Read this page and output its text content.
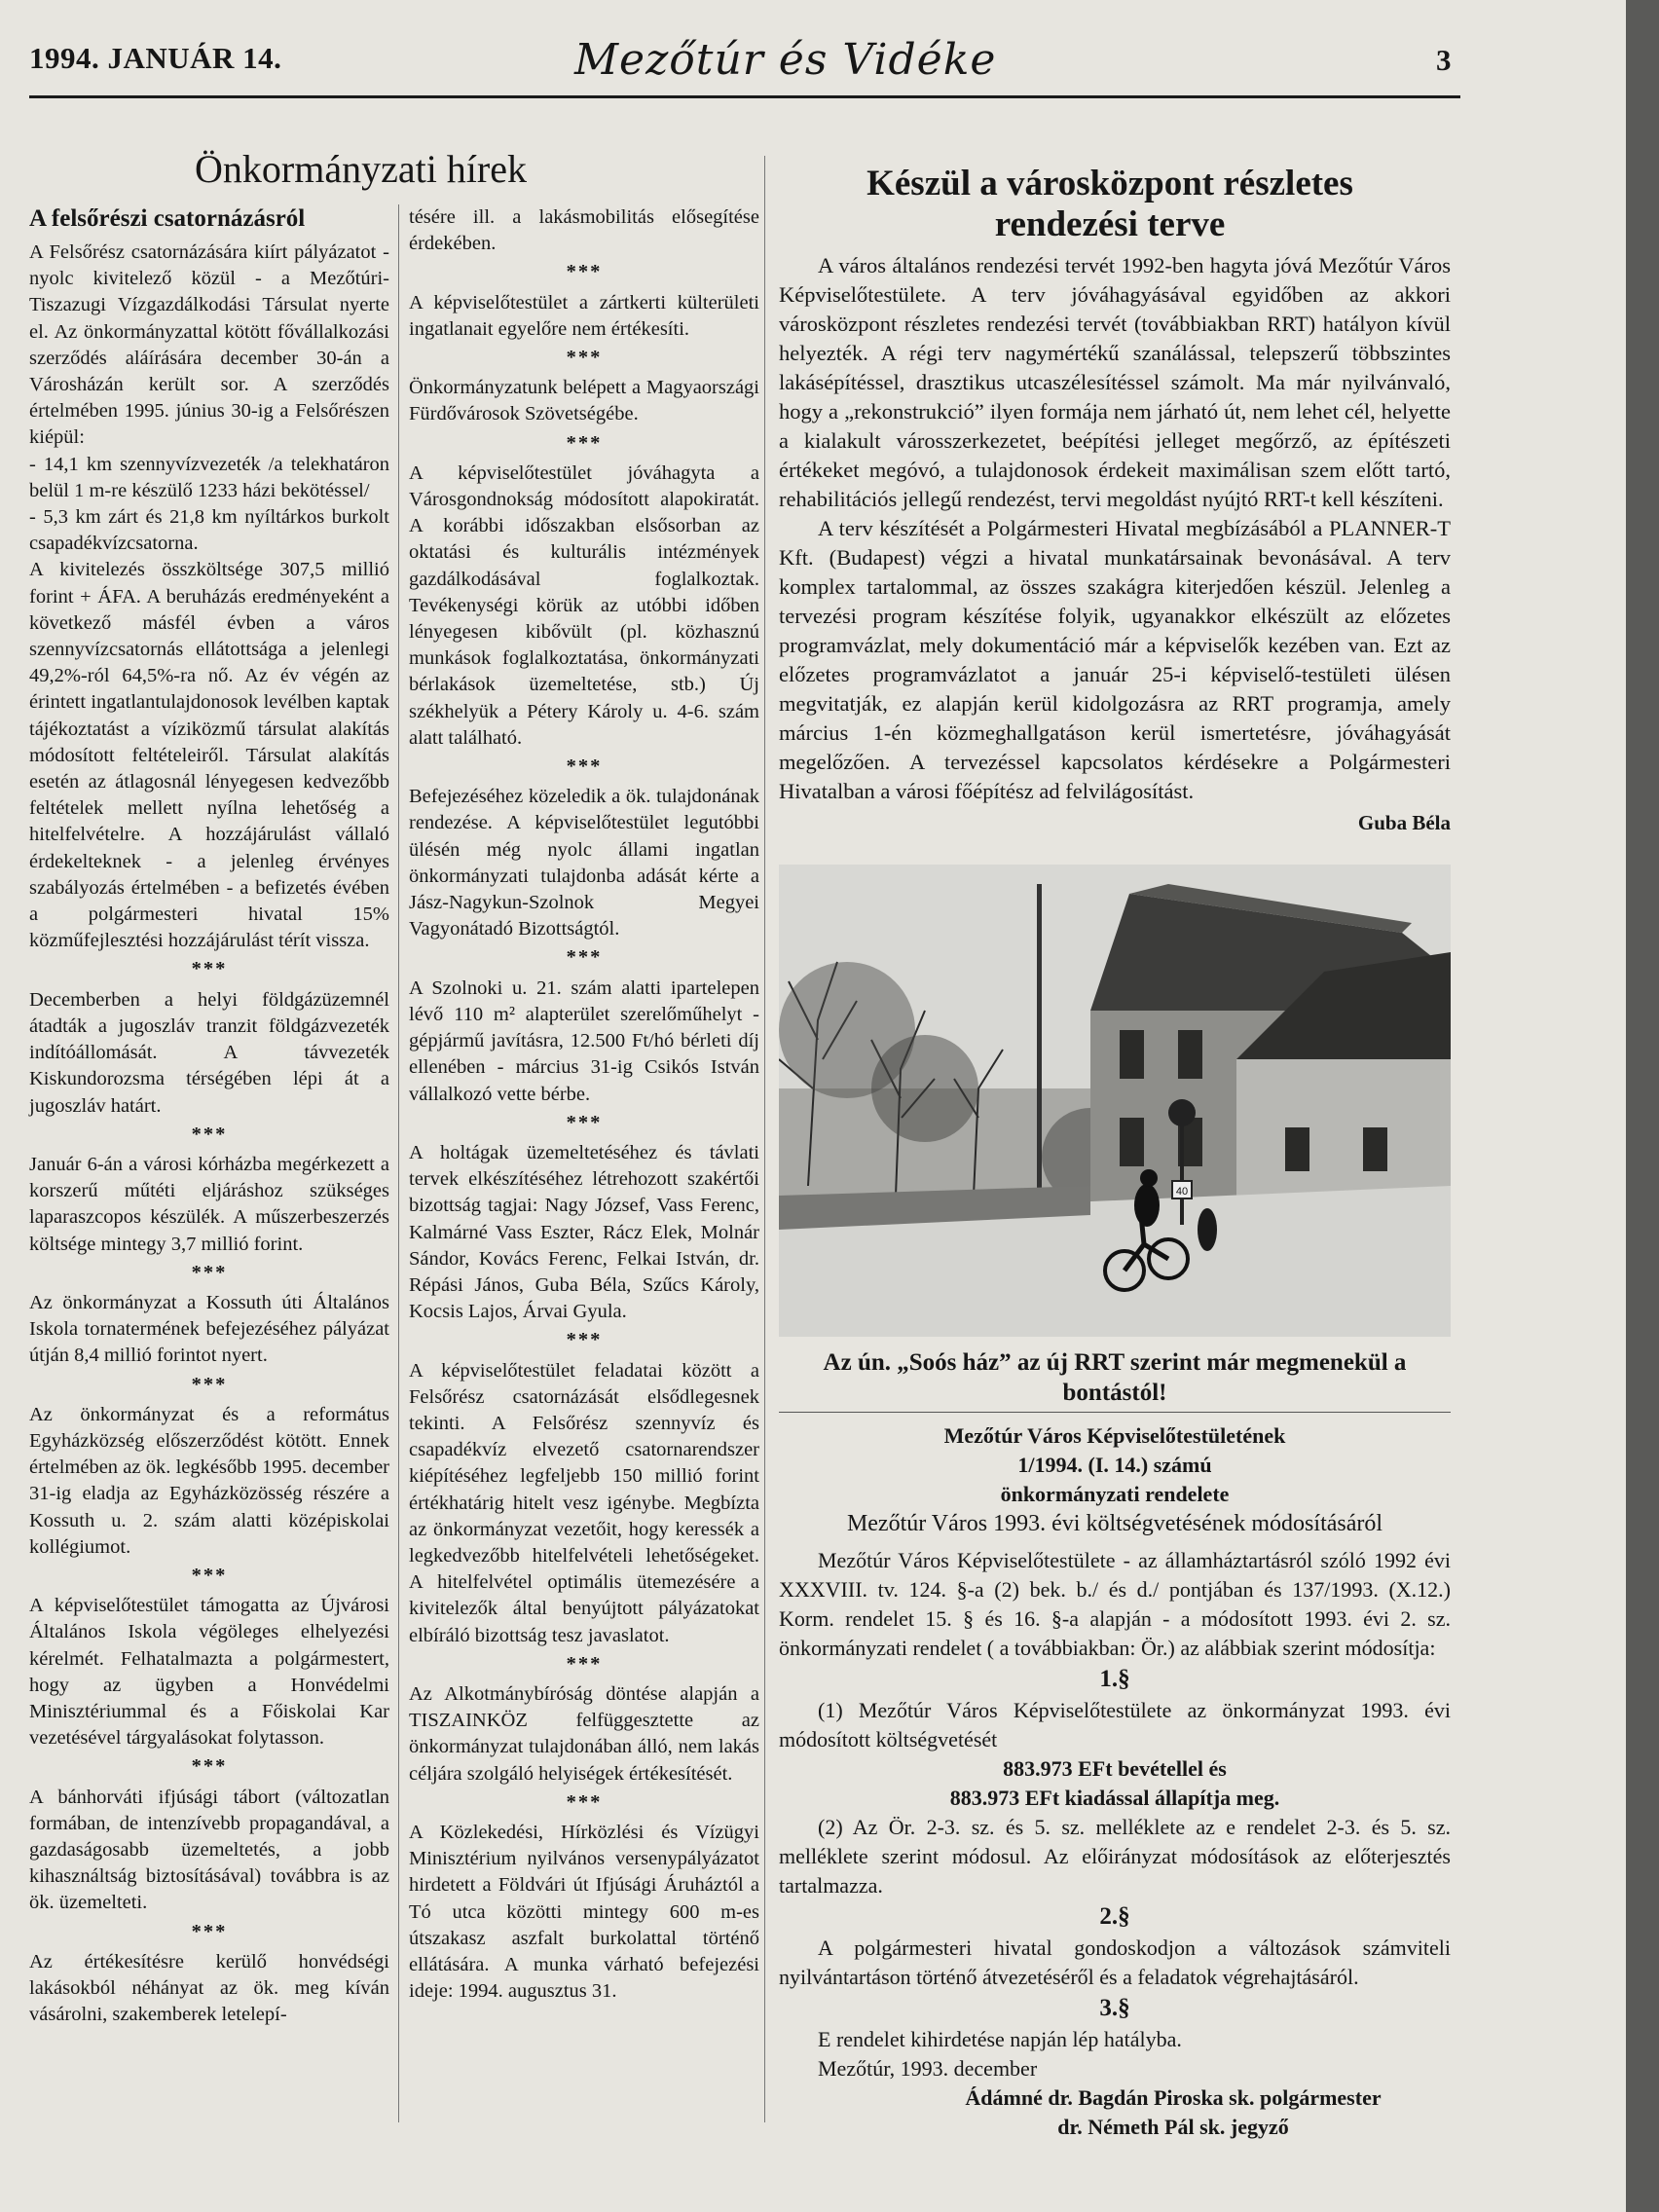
1994. JANUÁR 14.	Mezőtúr és Vidéke	3
Önkormányzati hírek
A felsőrészi csatornázásról

A Felsőrész csatornázására kiírt pályázatot - nyolc kivitelező közül - a Mezőtúri-Tiszazugi Vízgazdálkodási Társulat nyerte el. Az önkormányzattal kötött fővállalkozási szerződés aláírására december 30-án a Városházán került sor. A szerződés értelmében 1995. június 30-ig a Felsőrészen kiépül:

- 14,1 km szennyvízvezeték /a telekhatáron belül 1 m-re készülő 1233 házi bekötéssel/

- 5,3 km zárt és 21,8 km nyíltárkos burkolt csapadékvízcsatorna.

A kivitelezés összköltsége 307,5 millió forint + ÁFA. A beruházás eredményeként a következő másfél évben a város szennyvízcsatornás ellátottsága a jelenlegi 49,2%-ról 64,5%-ra nő. Az év végén az érintett ingatlantulajdonosok levélben kaptak tájékoztatást a víziközmű társulat alakítás módosított feltételeiről. Társulat alakítás esetén az átlagosnál lényegesen kedvezőbb feltételek mellett nyílna lehetőség a hitelfelvételre. A hozzájárulást vállaló érdekelteknek - a jelenleg érvényes szabályozás értelmében - a befizetés évében a polgármesteri hivatal 15% közműfejlesztési hozzájárulást térít vissza.

***

Decemberben a helyi földgázüzemnél átadták a jugoszláv tranzit földgázvezeték indítóállomását. A távvezeték Kiskundorozsma térségében lépi át a jugoszláv határt.

***

Január 6-án a városi kórházba megérkezett a korszerű műtéti eljáráshoz szükséges laparaszcopos készülék. A műszerbeszerzés költsége mintegy 3,7 millió forint.

***

Az önkormányzat a Kossuth úti Általános Iskola tornatermének befejezéséhez pályázat útján 8,4 millió forintot nyert.

***

Az önkormányzat és a református Egyházközség előszerződést kötött. Ennek értelmében az ök. legkésőbb 1995. december 31-ig eladja az Egyházközösség részére a Kossuth u. 2. szám alatti középiskolai kollégiumot.

***

A képviselőtestület támogatta az Újvárosi Általános Iskola végöleges elhelyezési kérelmét. Felhatalmazta a polgármestert, hogy az ügyben a Honvédelmi Minisztériummal és a Főiskolai Kar vezetésével tárgyalásokat folytasson.

***

A bánhorváti ifjúsági tábort (változatlan formában, de intenzívebb propagandával, a gazdaságosabb üzemeltetés, a jobb kihasználtság biztosításával) továbbra is az ök. üzemelteti.

***

Az értékesítésre kerülő honvédségi lakásokból néhányat az ök. meg kíván vásárolni, szakemberek letelepí-

tésére ill. a lakásmobilitás elősegítése érdekében.

***

A képviselőtestület a zártkerti külterületi ingatlanait egyelőre nem értékesíti.

***

Önkormányzatunk belépett a Magyaországi Fürdővárosok Szövetségébe.

***

A képviselőtestület jóváhagyta a Városgondnokság módosított alapokiratát. A korábbi időszakban elsősorban az oktatási és kulturális intézmények gazdálkodásával foglalkoztak. Tevékenységi körük az utóbbi időben lényegesen kibővült (pl. közhasznú munkások foglalkoztatása, önkormányzati bérlakások üzemeltetése, stb.) Új székhelyük a Pétery Károly u. 4-6. szám alatt található.

***

Befejezéséhez közeledik a ök. tulajdonának rendezése. A képviselőtestület legutóbbi ülésén még nyolc állami ingatlan önkormányzati tulajdonba adását kérte a Jász-Nagykun-Szolnok Megyei Vagyonátadó Bizottságtól.

***

A Szolnoki u. 21. szám alatti ipartelepen lévő 110 m² alapterület szerelőműhelyt - gépjármű javításra, 12.500 Ft/hó bérleti díj ellenében - március 31-ig Csikós István vállalkozó vette bérbe.

***

A holtágak üzemeltetéséhez és távlati tervek elkészítéséhez létrehozott szakértői bizottság tagjai: Nagy József, Vass Ferenc, Kalmárné Vass Eszter, Rácz Elek, Molnár Sándor, Kovács Ferenc, Felkai István, dr. Répási János, Guba Béla, Szűcs Károly, Kocsis Lajos, Árvai Gyula.

***

A képviselőtestület feladatai között a Felsőrész csatornázását elsődlegesnek tekinti. A Felsőrész szennyvíz és csapadékvíz elvezető csatornarendszer kiépítéséhez legfeljebb 150 millió forint értékhatárig hitelt vesz igénybe. Megbízta az önkormányzat vezetőit, hogy keressék a legkedvezőbb hitelfelvételi lehetőségeket. A hitelfelvétel optimális ütemezésére a kivitelezők által benyújtott pályázatokat elbíráló bizottság tesz javaslatot.

***

Az Alkotmánybíróság döntése alapján a TISZAINKÖZ felfüggesztette az önkormányzat tulajdonában álló, nem lakás céljára szolgáló helyiségek értékesítését.

***

A Közlekedési, Hírközlési és Vízügyi Minisztérium nyilvános versenypályázatot hirdetett a Földvári út Ifjúsági Áruháztól a Tó utca közötti mintegy 600 m-es útszakasz aszfalt burkolattal történő ellátására. A munka várható befejezési ideje: 1994. augusztus 31.

Készül a városközpont részletes
rendezési terve

A város általános rendezési tervét 1992-ben hagyta jóvá Mezőtúr Város Képviselőtestülete. A terv jóváhagyásával egyidőben az akkori városközpont részletes rendezési tervét (továbbiakban RRT) hatályon kívül helyezték. A régi terv nagymértékű szanálással, telepszerű többszintes lakásépítéssel, drasztikus utcaszélesítéssel számolt. Ma már nyilvánvaló, hogy a „rekonstrukció” ilyen formája nem járható út, nem lehet cél, helyette a kialakult városszerkezetet, beépítési jelleget megőrző, az építészeti értékeket megóvó, a tulajdonosok érdekeit maximálisan szem előtt tartó, rehabilitációs jellegű rendezést, tervi megoldást nyújtó RRT-t kell készíteni.

A terv készítését a Polgármesteri Hivatal megbízásából a PLANNER-T Kft. (Budapest) végzi a hivatal munkatársainak bevonásával. A terv komplex tartalommal, az összes szakágra kiterjedően készül. Jelenleg a tervezési program készítése folyik, ugyanakkor elkészült az előzetes programvázlat, mely dokumentáció már a képviselők kezében van. Ezt az előzetes programvázlatot a január 25-i képviselő-testületi ülésen megvitatják, ez alapján kerül kidolgozásra az RRT programja, amely március 1-én közmeghallgatáson kerül ismertetésre, jóváhagyását megelőzően. A tervezéssel kapcsolatos kérdésekre a Polgármesteri Hivatalban a városi főépítész ad felvilágosítást.

Guba Béla
40
Az ún. „Soós ház” az új RRT szerint már megmenekül a bontástól!
Mezőtúr Város Képviselőtestületének
1/1994. (I. 14.) számú
önkormányzati rendelete
Mezőtúr Város 1993. évi költségvetésének módosításáról

Mezőtúr Város Képviselőtestülete - az államháztartásról szóló 1992 évi XXXVIII. tv. 124. §-a (2) bek. b./ és d./ pontjában és 137/1993. (X.12.) Korm. rendelet 15. § és 16. §-a alapján - a módosított 1993. évi 2. sz. önkormányzati rendelet ( a továbbiakban: Ör.) az alábbiak szerint módosítja:

1.§

(1) Mezőtúr Város Képviselőtestülete az önkormányzat 1993. évi módosított költségvetését

883.973 EFt bevétellel és
883.973 EFt kiadással állapítja meg.

(2) Az Ör. 2-3. sz. és 5. sz. melléklete az e rendelet 2-3. és 5. sz. melléklete szerint módosul. Az előirányzat módosítások az előterjesztés tartalmazza.

2.§

A polgármesteri hivatal gondoskodjon a változások számviteli nyilvántartáson történő átvezetéséről és a feladatok végrehajtásáról.

3.§

E rendelet kihirdetése napján lép hatályba.

Mezőtúr, 1993. december

Ádámné dr. Bagdán Piroska sk. polgármester
dr. Németh Pál sk. jegyző
